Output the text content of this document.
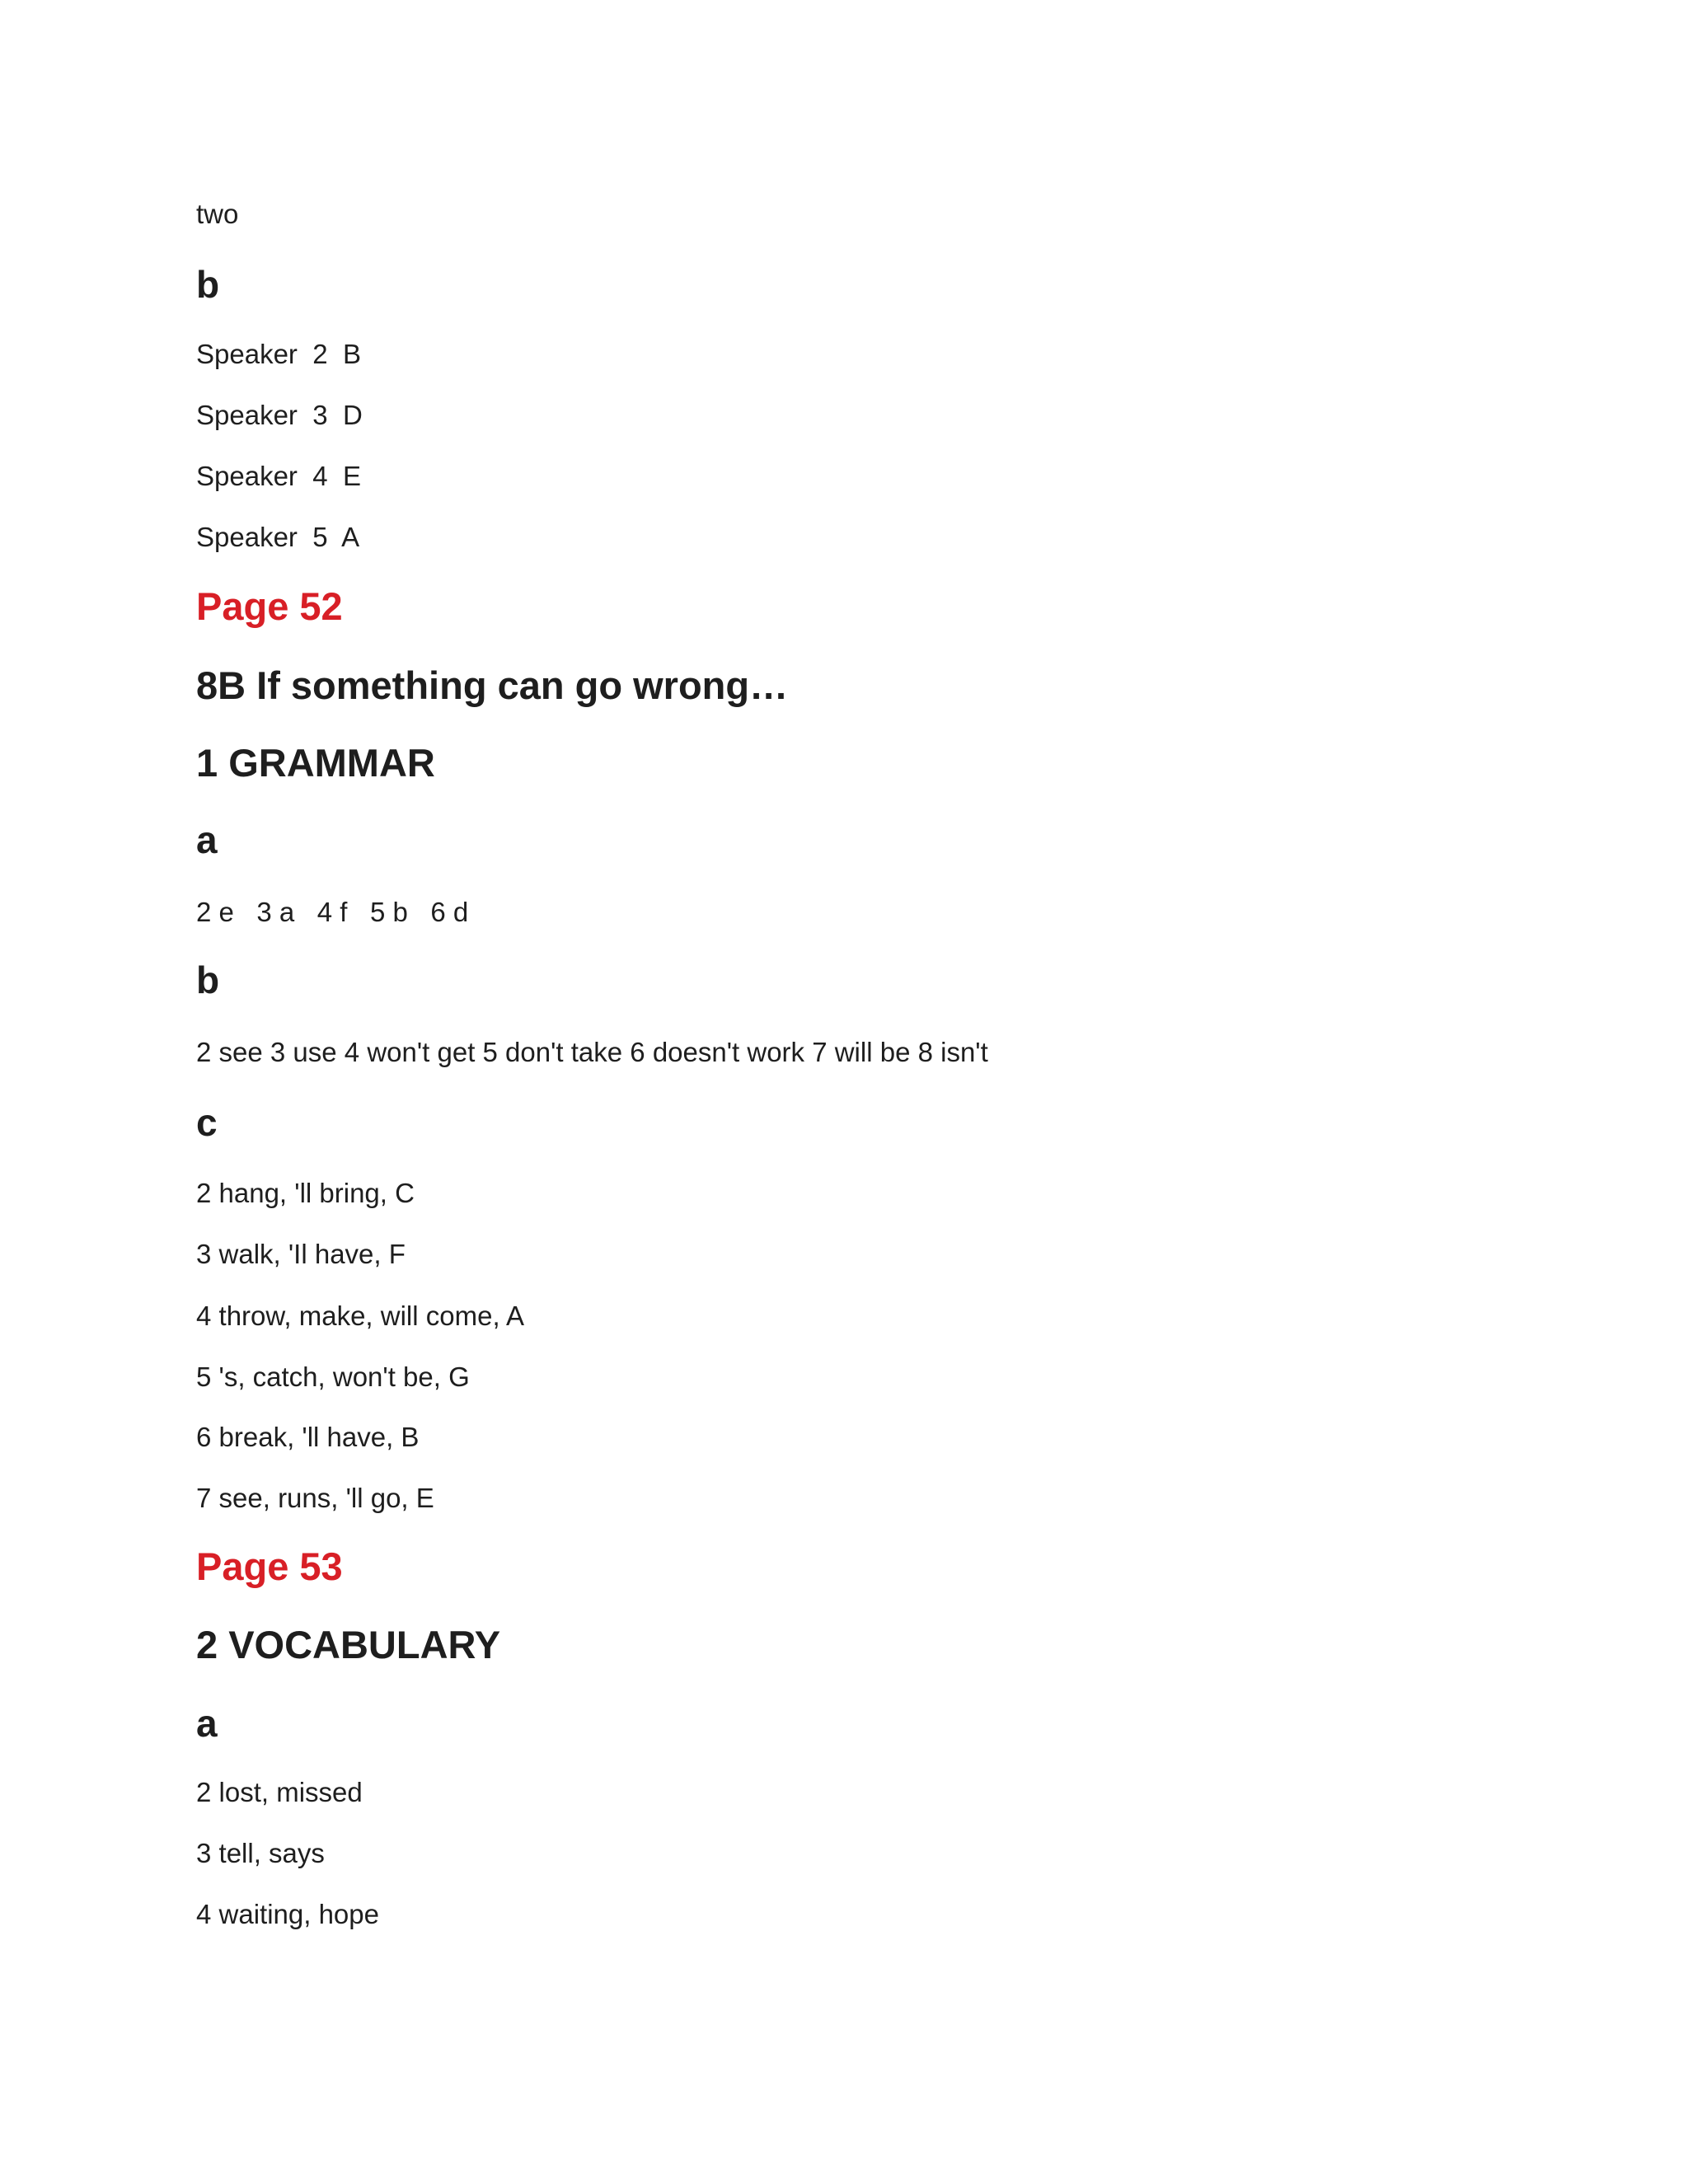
two
b
Speaker  2  B
Speaker  3  D
Speaker  4  E
Speaker  5  A
Page 52
8B If something can go wrong…
1 GRAMMAR
a
2 e   3 a   4 f   5 b   6 d
b
2 see 3 use 4 won't get 5 don't take 6 doesn't work 7 will be 8 isn't
c
2 hang, 'll bring, C
3 walk, 'Il have, F
4 throw, make, will come, A
5 's, catch, won't be, G
6 break, 'll have, B
7 see, runs, 'll go, E
Page 53
2 VOCABULARY
a
2 lost, missed
3 tell, says
4 waiting, hope
